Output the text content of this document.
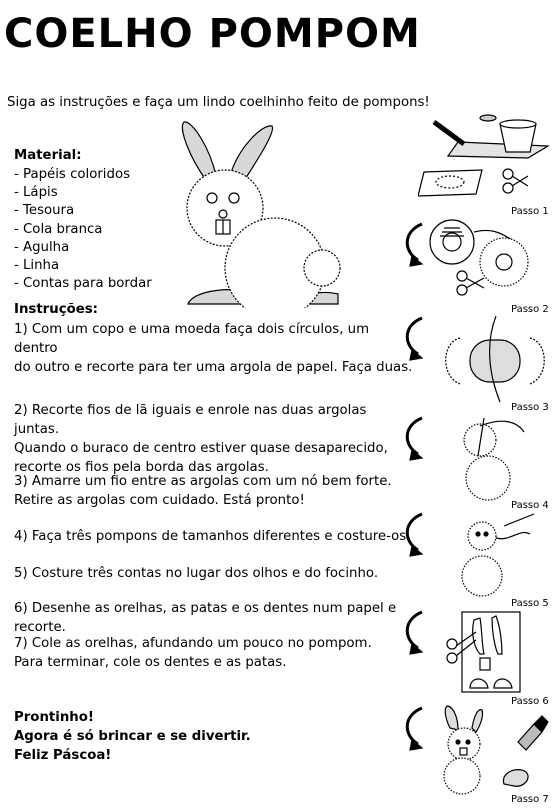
COELHO POMPOM
Siga as instruções e faça um lindo coelhinho feito de pompons!
Material:
- Papéis coloridos
- Lápis
- Tesoura
- Cola branca
- Agulha
- Linha
- Contas para bordar
Instruções:
1) Com um copo e uma moeda faça dois círculos, um dentro
do outro e recorte para ter uma argola de papel. Faça duas.
2) Recorte fios de lã iguais e enrole nas duas argolas juntas.
Quando o buraco de centro estiver quase desaparecido,
recorte os fios pela borda das argolas.
3) Amarre um fio entre as argolas com um nó bem forte.
Retire as argolas com cuidado. Está pronto!
4) Faça três pompons de tamanhos diferentes e costure-os.
5) Costure três contas no lugar dos olhos e do focinho.
6) Desenhe as orelhas, as patas e os dentes num papel e recorte.
7) Cole as orelhas, afundando um pouco no pompom.
Para terminar, cole os dentes e as patas.
Prontinho!
Agora é só brincar e se divertir.
Feliz Páscoa!
Passo 1
Passo 2
Passo 3
Passo 4
Passo 5
Passo 6
Passo 7
